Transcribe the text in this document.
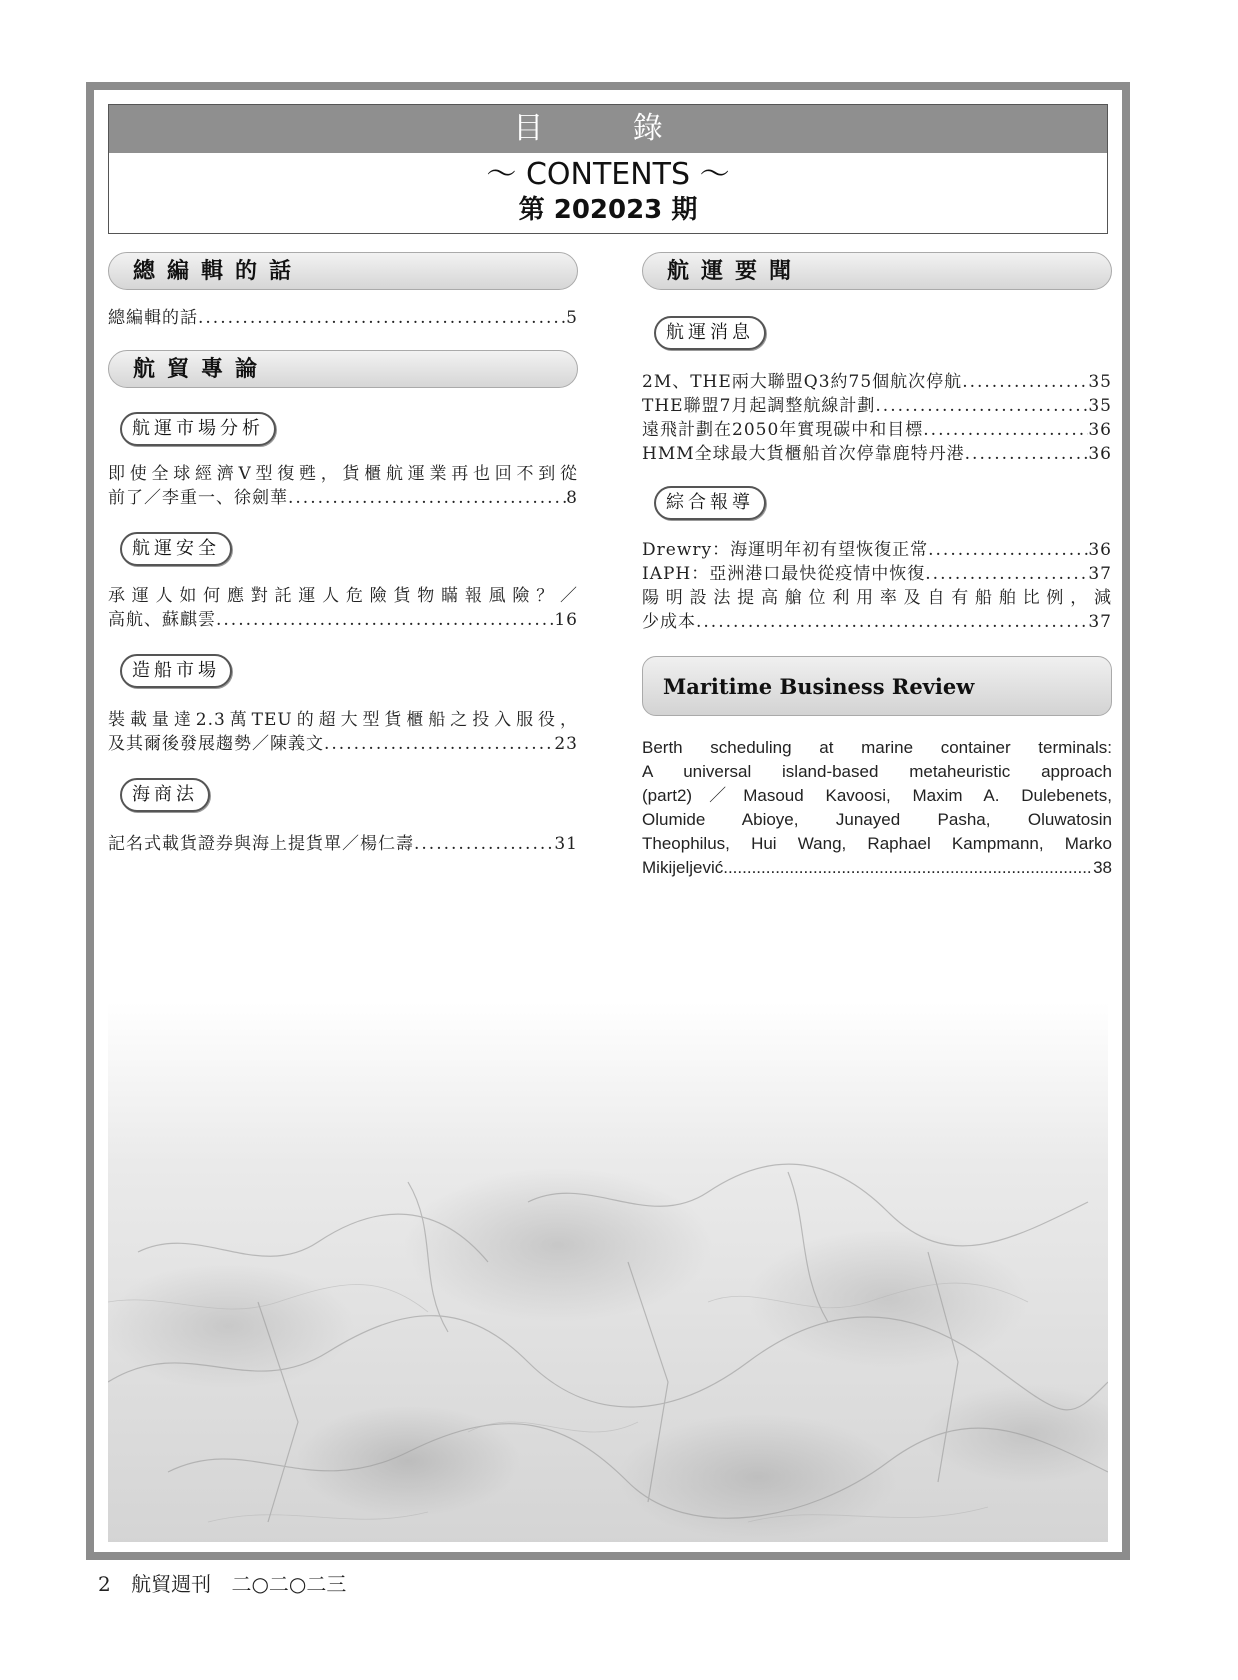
目 錄
～ CONTENTS ～
第 202023 期
總編輯的話
總編輯的話 .....	5
航貿專論
航運市場分析
即使全球經濟V型復甦，貨櫃航運業再也回不到從
前了／李重一、徐劍華 .....	8
航運安全
承運人如何應對託運人危險貨物瞞報風險？／
高航、蘇麒雲 .....	16
造船市場
裝載量達2.3萬TEU的超大型貨櫃船之投入服役，
及其爾後發展趨勢／陳義文 .....	23
海商法
記名式載貨證券與海上提貨單／楊仁壽 .....	31
航運要聞
航運消息
2M、THE兩大聯盟Q3約75個航次停航 .....	35
THE聯盟7月起調整航線計劃 .....	35
遠飛計劃在2050年實現碳中和目標 .....	36
HMM全球最大貨櫃船首次停靠鹿特丹港 .....	36
綜合報導
Drewry：海運明年初有望恢復正常 .....	36
IAPH：亞洲港口最快從疫情中恢復 .....	37
陽明設法提高艙位利用率及自有船舶比例，減
少成本 .....	37
Maritime Business Review
Berth scheduling at marine container terminals:
A universal island-based metaheuristic approach
(part2)／Masoud Kavoosi, Maxim A. Dulebenets,
Olumide Abioye, Junayed Pasha, Oluwatosin
Theophilus, Hui Wang, Raphael Kampmann, Marko
Mikijeljević .....	38
2 航貿週刊 二○二○二三
